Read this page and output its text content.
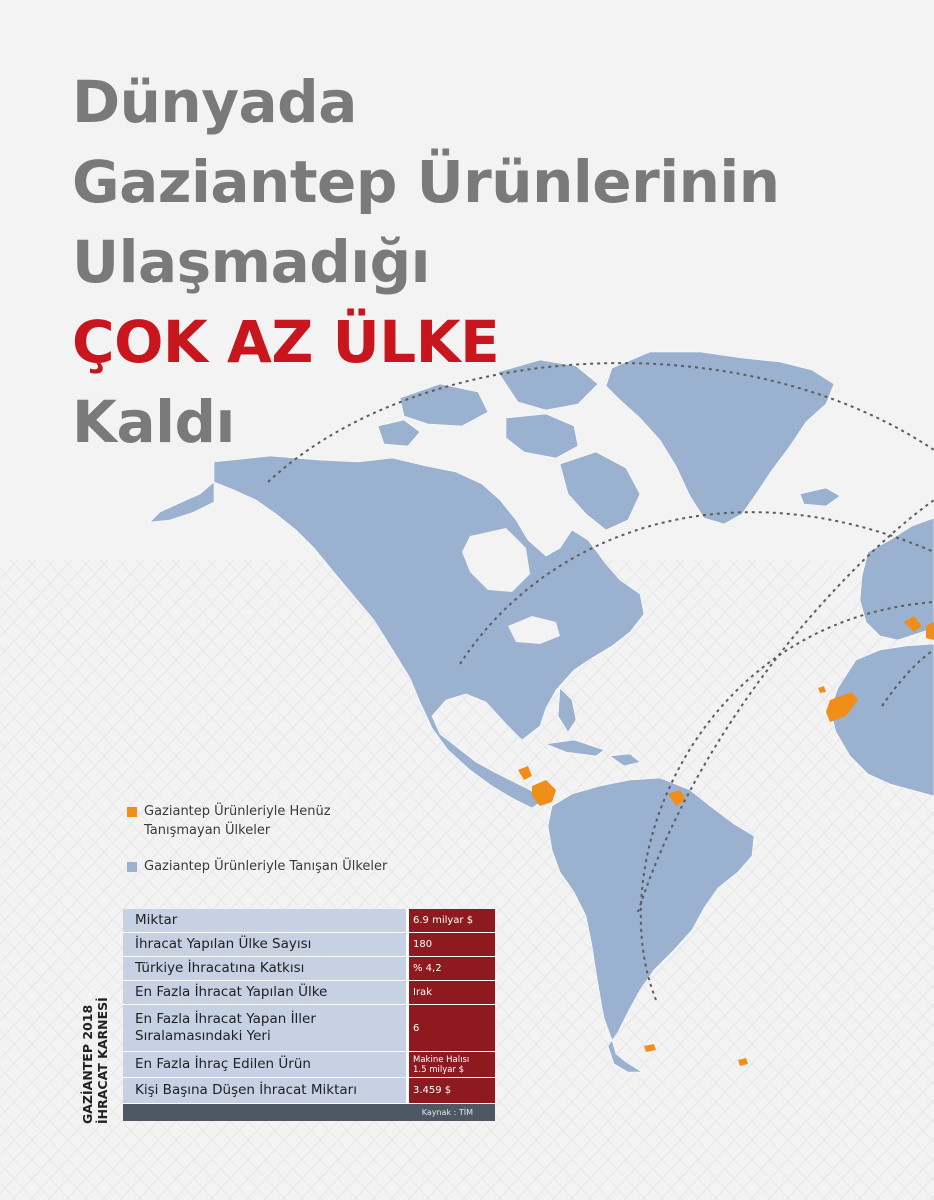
Dünyada
Gaziantep Ürünlerinin
Ulaşmadığı
ÇOK AZ ÜLKE
Kaldı
Gaziantep Ürünleriyle Henüz
Tanışmayan Ülkeler
Gaziantep Ürünleriyle Tanışan Ülkeler
GAZİANTEP 2018 İHRACAT KARNESİ
Miktar	6.9 milyar $
İhracat Yapılan Ülke Sayısı	180
Türkiye İhracatına Katkısı	% 4,2
En Fazla İhracat Yapılan Ülke	Irak
En Fazla İhracat Yapan İller
Sıralamasındaki Yeri	6
En Fazla İhraç Edilen Ürün	Makine Halısı
1.5 milyar $
Kişi Başına Düşen İhracat Miktarı	3.459 $
Kaynak : TİM
